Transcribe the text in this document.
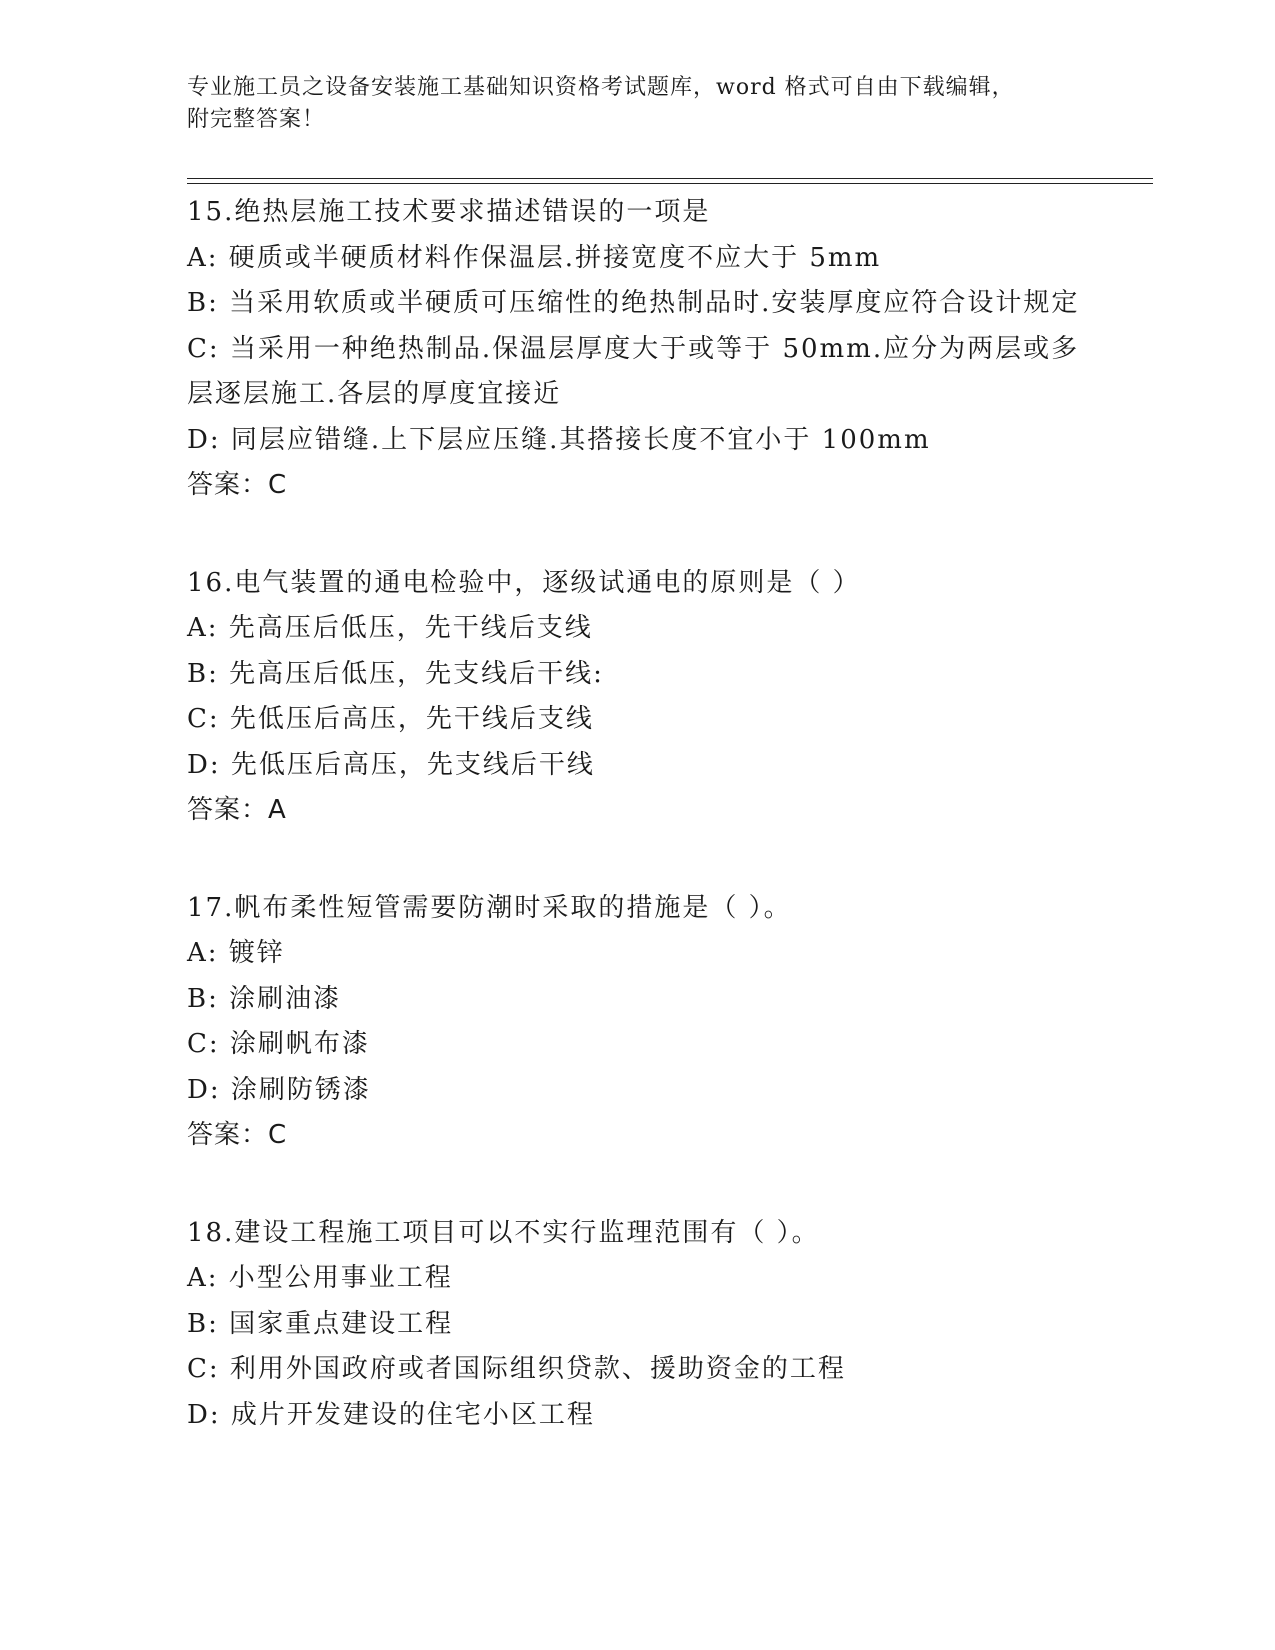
专业施工员之设备安装施工基础知识资格考试题库，word 格式可自由下载编辑，
附完整答案！
15.绝热层施工技术要求描述错误的一项是
A: 硬质或半硬质材料作保温层.拼接宽度不应大于 5mm
B: 当采用软质或半硬质可压缩性的绝热制品时.安装厚度应符合设计规定
C: 当采用一种绝热制品.保温层厚度大于或等于 50mm.应分为两层或多层逐层施工.各层的厚度宜接近
D: 同层应错缝.上下层应压缝.其搭接长度不宜小于 100mm
答案：C
16.电气装置的通电检验中，逐级试通电的原则是（ ）
A: 先高压后低压，先干线后支线
B: 先高压后低压，先支线后干线:
C: 先低压后高压，先干线后支线
D: 先低压后高压，先支线后干线
答案：A
17.帆布柔性短管需要防潮时采取的措施是（ ）。
A: 镀锌
B: 涂刷油漆
C: 涂刷帆布漆
D: 涂刷防锈漆
答案：C
18.建设工程施工项目可以不实行监理范围有（ ）。
A: 小型公用事业工程
B: 国家重点建设工程
C: 利用外国政府或者国际组织贷款、援助资金的工程
D: 成片开发建设的住宅小区工程
